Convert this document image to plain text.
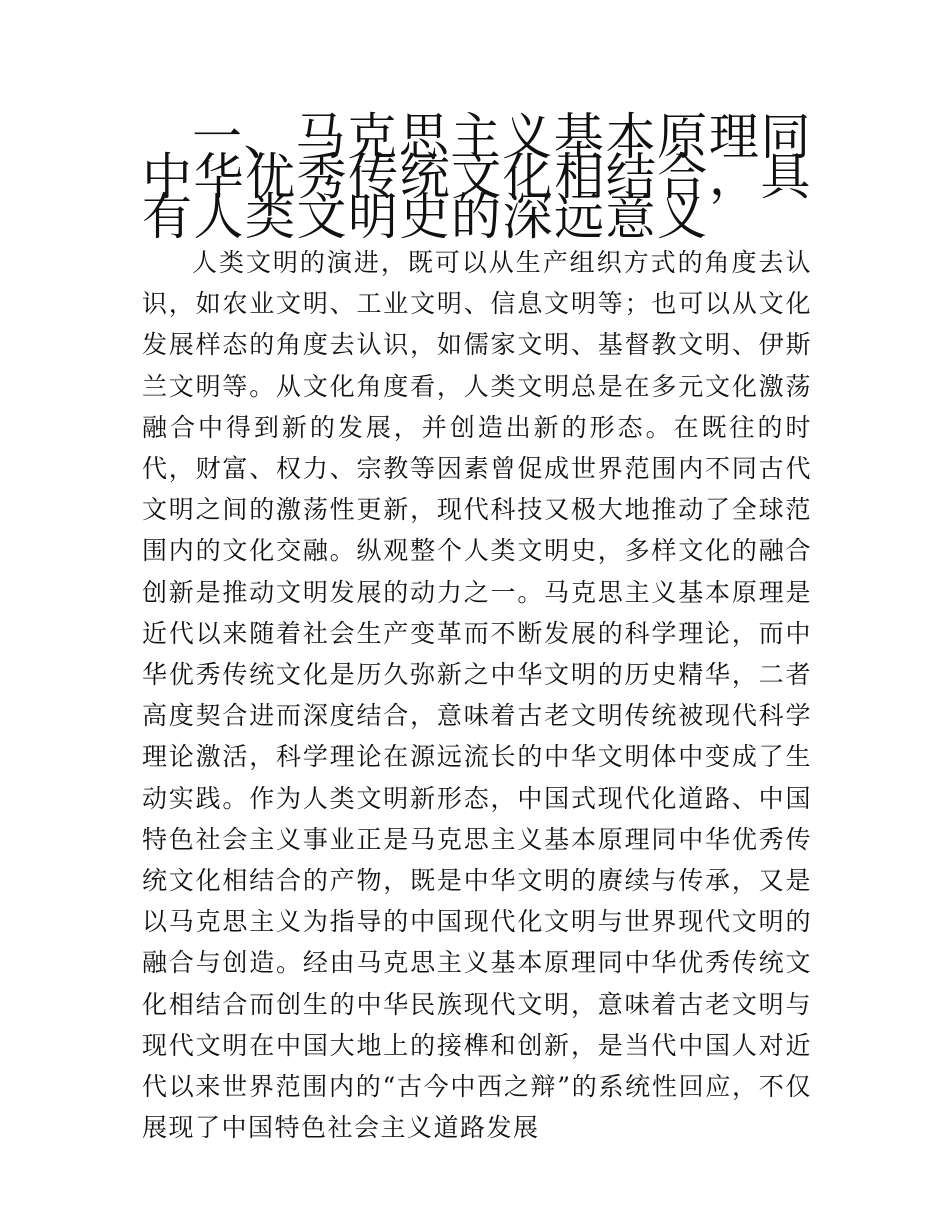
一、马克思主义基本原理同中华优秀传统文化相结合，具有人类文明史的深远意义

人类文明的演进，既可以从生产组织方式的角度去认识，如农业文明、工业文明、信息文明等；也可以从文化发展样态的角度去认识，如儒家文明、基督教文明、伊斯兰文明等。从文化角度看，人类文明总是在多元文化激荡融合中得到新的发展，并创造出新的形态。在既往的时代，财富、权力、宗教等因素曾促成世界范围内不同古代文明之间的激荡性更新，现代科技又极大地推动了全球范围内的文化交融。纵观整个人类文明史，多样文化的融合创新是推动文明发展的动力之一。马克思主义基本原理是近代以来随着社会生产变革而不断发展的科学理论，而中华优秀传统文化是历久弥新之中华文明的历史精华，二者高度契合进而深度结合，意味着古老文明传统被现代科学理论激活，科学理论在源远流长的中华文明体中变成了生动实践。作为人类文明新形态，中国式现代化道路、中国特色社会主义事业正是马克思主义基本原理同中华优秀传统文化相结合的产物，既是中华文明的赓续与传承，又是以马克思主义为指导的中国现代化文明与世界现代文明的融合与创造。经由马克思主义基本原理同中华优秀传统文化相结合而创生的中华民族现代文明，意味着古老文明与现代文明在中国大地上的接榫和创新，是当代中国人对近代以来世界范围内的“古今中西之辩”的系统性回应，不仅展现了中国特色社会主义道路发展
